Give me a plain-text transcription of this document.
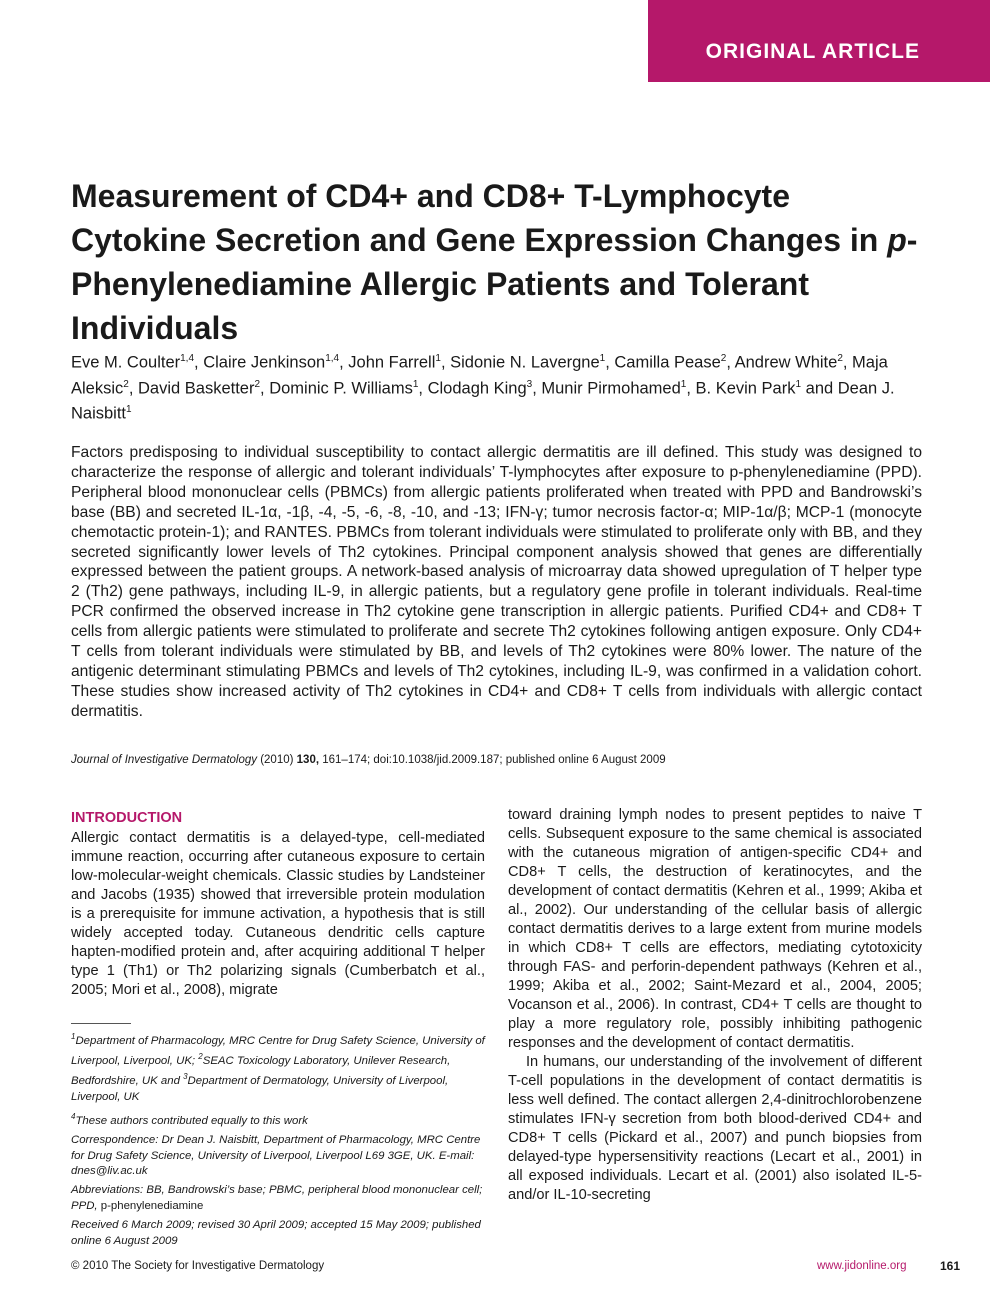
ORIGINAL ARTICLE
Measurement of CD4+ and CD8+ T-Lymphocyte Cytokine Secretion and Gene Expression Changes in p-Phenylenediamine Allergic Patients and Tolerant Individuals
Eve M. Coulter$^{1,4}$, Claire Jenkinson$^{1,4}$, John Farrell$^1$, Sidonie N. Lavergne$^1$, Camilla Pease$^2$, Andrew White$^2$, Maja Aleksic$^2$, David Basketter$^2$, Dominic P. Williams$^1$, Clodagh King$^3$, Munir Pirmohamed$^1$, B. Kevin Park$^1$ and Dean J. Naisbitt$^1$
Factors predisposing to individual susceptibility to contact allergic dermatitis are ill defined. This study was designed to characterize the response of allergic and tolerant individuals’ T-lymphocytes after exposure to p-phenylenediamine (PPD). Peripheral blood mononuclear cells (PBMCs) from allergic patients proliferated when treated with PPD and Bandrowski’s base (BB) and secreted IL-1α, -1β, -4, -5, -6, -8, -10, and -13; IFN-γ; tumor necrosis factor-α; MIP-1α/β; MCP-1 (monocyte chemotactic protein-1); and RANTES. PBMCs from tolerant individuals were stimulated to proliferate only with BB, and they secreted significantly lower levels of Th2 cytokines. Principal component analysis showed that genes are differentially expressed between the patient groups. A network-based analysis of microarray data showed upregulation of T helper type 2 (Th2) gene pathways, including IL-9, in allergic patients, but a regulatory gene profile in tolerant individuals. Real-time PCR confirmed the observed increase in Th2 cytokine gene transcription in allergic patients. Purified CD4+ and CD8+ T cells from allergic patients were stimulated to proliferate and secrete Th2 cytokines following antigen exposure. Only CD4+ T cells from tolerant individuals were stimulated by BB, and levels of Th2 cytokines were 80% lower. The nature of the antigenic determinant stimulating PBMCs and levels of Th2 cytokines, including IL-9, was confirmed in a validation cohort. These studies show increased activity of Th2 cytokines in CD4+ and CD8+ T cells from individuals with allergic contact dermatitis.
Journal of Investigative Dermatology (2010) 130, 161–174; doi:10.1038/jid.2009.187; published online 6 August 2009
INTRODUCTION

Allergic contact dermatitis is a delayed-type, cell-mediated immune reaction, occurring after cutaneous exposure to certain low-molecular-weight chemicals. Classic studies by Landsteiner and Jacobs (1935) showed that irreversible protein modulation is a prerequisite for immune activation, a hypothesis that is still widely accepted today. Cutaneous dendritic cells capture hapten-modified protein and, after acquiring additional T helper type 1 (Th1) or Th2 polarizing signals (Cumberbatch et al., 2005; Mori et al., 2008), migrate

toward draining lymph nodes to present peptides to naive T cells. Subsequent exposure to the same chemical is associated with the cutaneous migration of antigen-specific CD4+ and CD8+ T cells, the destruction of keratinocytes, and the development of contact dermatitis (Kehren et al., 1999; Akiba et al., 2002). Our understanding of the cellular basis of allergic contact dermatitis derives to a large extent from murine models in which CD8+ T cells are effectors, mediating cytotoxicity through FAS- and perforin-dependent pathways (Kehren et al., 1999; Akiba et al., 2002; Saint-Mezard et al., 2004, 2005; Vocanson et al., 2006). In contrast, CD4+ T cells are thought to play a more regulatory role, possibly inhibiting pathogenic responses and the development of contact dermatitis.

In humans, our understanding of the involvement of different T-cell populations in the development of contact dermatitis is less well defined. The contact allergen 2,4-dinitrochlorobenzene stimulates IFN-γ secretion from both blood-derived CD4+ and CD8+ T cells (Pickard et al., 2007) and punch biopsies from delayed-type hypersensitivity reactions (Lecart et al., 2001) in all exposed individuals. Lecart et al. (2001) also isolated IL-5- and/or IL-10-secreting

$^1$Department of Pharmacology, MRC Centre for Drug Safety Science, University of Liverpool, Liverpool, UK; $^2$SEAC Toxicology Laboratory, Unilever Research, Bedfordshire, UK and $^3$Department of Dermatology, University of Liverpool, Liverpool, UK

$^4$These authors contributed equally to this work

Correspondence: Dr Dean J. Naisbitt, Department of Pharmacology, MRC Centre for Drug Safety Science, University of Liverpool, Liverpool L69 3GE, UK. E-mail: dnes@liv.ac.uk

Abbreviations: BB, Bandrowski’s base; PBMC, peripheral blood mononuclear cell; PPD, p-phenylenediamine

Received 6 March 2009; revised 30 April 2009; accepted 15 May 2009; published online 6 August 2009

© 2010 The Society for Investigative Dermatology	www.jidonline.org	161
